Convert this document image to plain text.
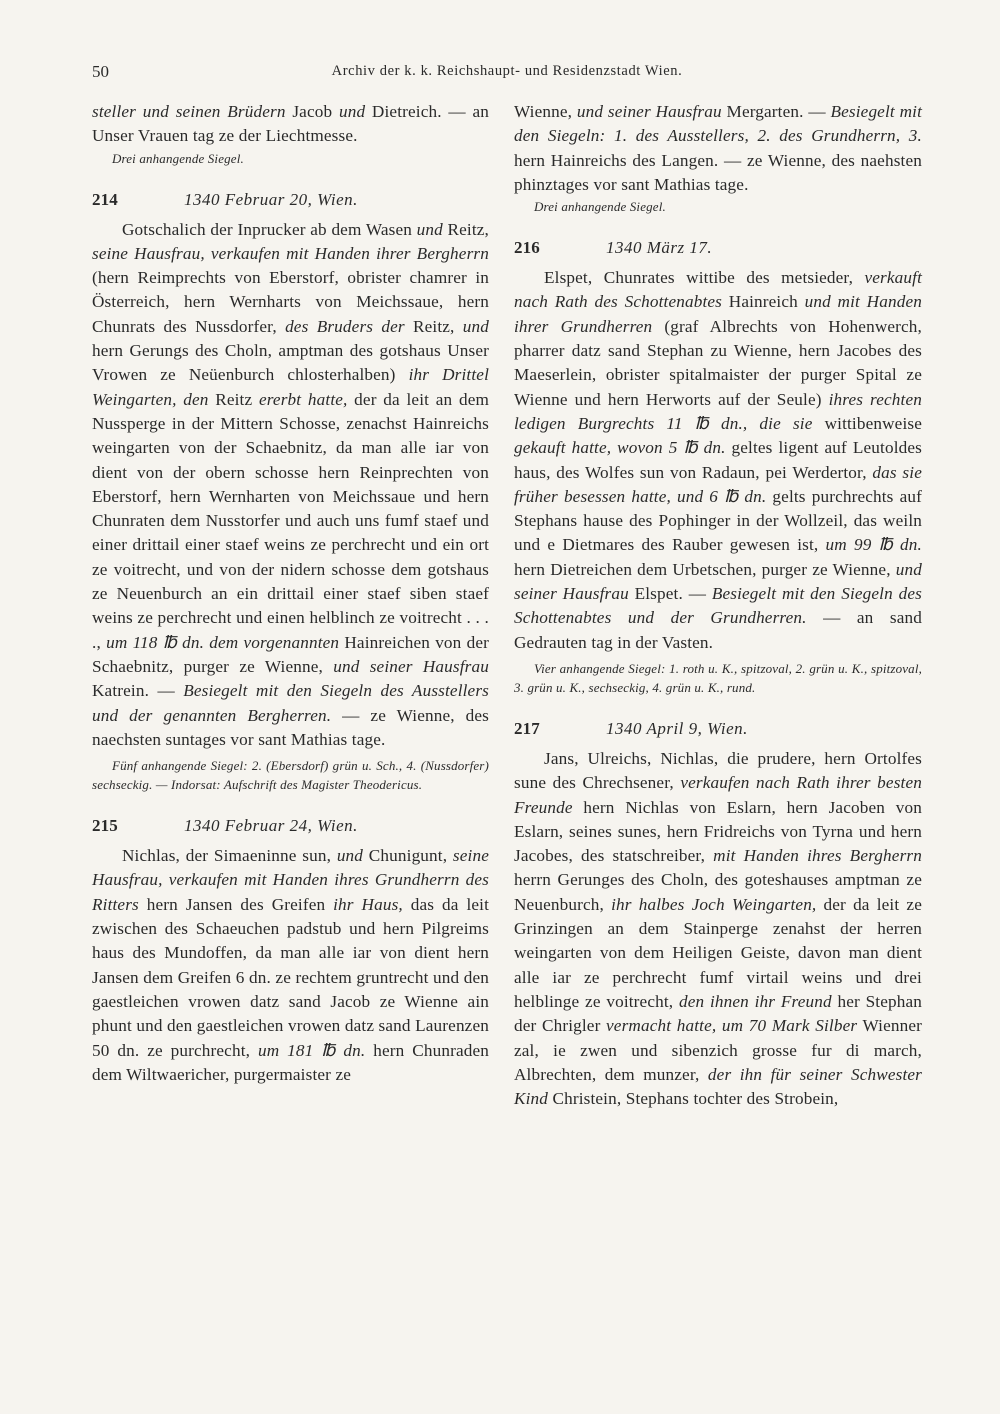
50	Archiv der k. k. Reichshaupt- und Residenzstadt Wien.

steller und seinen Brüdern Jacob und Dietreich. — an Unser Vrauen tag ze der Liechtmesse.

Drei anhangende Siegel.

214	1340 Februar 20, Wien.

Gotschalich der Inprucker ab dem Wasen und Reitz, seine Hausfrau, verkaufen mit Handen ihrer Bergherrn (hern Reimprechts von Eberstorf, obrister chamrer in Österreich, hern Wernharts von Meichssaue, hern Chunrats des Nussdorfer, des Bruders der Reitz, und hern Gerungs des Choln, amptman des gotshaus Unser Vrowen ze Neüenburch chlosterhalben) ihr Drittel Weingarten, den Reitz ererbt hatte, der da leit an dem Nussperge in der Mittern Schosse, zenachst Hainreichs weingarten von der Schaebnitz, da man alle iar von dient von der obern schosse hern Reinprechten von Eberstorf, hern Wernharten von Meichssaue und hern Chunraten dem Nusstorfer und auch uns fumf staef und einer drittail einer staef weins ze perchrecht und ein ort ze voitrecht, und von der nidern schosse dem gotshaus ze Neuenburch an ein drittail einer staef siben staef weins ze perchrecht und einen helblinch ze voitrecht . . . ., um 118 ℔ dn. dem vorgenannten Hainreichen von der Schaebnitz, purger ze Wienne, und seiner Hausfrau Katrein. — Besiegelt mit den Siegeln des Ausstellers und der genannten Bergherren. — ze Wienne, des naechsten suntages vor sant Mathias tage.

Fünf anhangende Siegel: 2. (Ebersdorf) grün u. Sch., 4. (Nussdorfer) sechseckig. — Indorsat: Aufschrift des Magister Theodericus.

215	1340 Februar 24, Wien.

Nichlas, der Simaeninne sun, und Chunigunt, seine Hausfrau, verkaufen mit Handen ihres Grundherrn des Ritters hern Jansen des Greifen ihr Haus, das da leit zwischen des Schaeuchen padstub und hern Pilgreims haus des Mundoffen, da man alle iar von dient hern Jansen dem Greifen 6 dn. ze rechtem gruntrecht und den gaestleichen vrowen datz sand Jacob ze Wienne ain phunt und den gaestleichen vrowen datz sand Laurenzen 50 dn. ze purchrecht, um 181 ℔ dn. hern Chunraden dem Wiltwaericher, purgermaister ze

Wienne, und seiner Hausfrau Mergarten. — Besiegelt mit den Siegeln: 1. des Ausstellers, 2. des Grundherrn, 3. hern Hainreichs des Langen. — ze Wienne, des naehsten phinztages vor sant Mathias tage.

Drei anhangende Siegel.

216	1340 März 17.

Elspet, Chunrates wittibe des metsieder, verkauft nach Rath des Schottenabtes Hainreich und mit Handen ihrer Grundherren (graf Albrechts von Hohenwerch, pharrer datz sand Stephan zu Wienne, hern Jacobes des Maeserlein, obrister spitalmaister der purger Spital ze Wienne und hern Herworts auf der Seule) ihres rechten ledigen Burgrechts 11 ℔ dn., die sie wittibenweise gekauft hatte, wovon 5 ℔ dn. geltes ligent auf Leutoldes haus, des Wolfes sun von Radaun, pei Werdertor, das sie früher besessen hatte, und 6 ℔ dn. gelts purchrechts auf Stephans hause des Pophinger in der Wollzeil, das weiln und e Dietmares des Rauber gewesen ist, um 99 ℔ dn. hern Dietreichen dem Urbetschen, purger ze Wienne, und seiner Hausfrau Elspet. — Besiegelt mit den Siegeln des Schottenabtes und der Grundherren. — an sand Gedrauten tag in der Vasten.

Vier anhangende Siegel: 1. roth u. K., spitzoval, 2. grün u. K., spitzoval, 3. grün u. K., sechseckig, 4. grün u. K., rund.

217	1340 April 9, Wien.

Jans, Ulreichs, Nichlas, die prudere, hern Ortolfes sune des Chrechsener, verkaufen nach Rath ihrer besten Freunde hern Nichlas von Eslarn, hern Jacoben von Eslarn, seines sunes, hern Fridreichs von Tyrna und hern Jacobes, des statschreiber, mit Handen ihres Bergherrn herrn Gerunges des Choln, des goteshauses amptman ze Neuenburch, ihr halbes Joch Weingarten, der da leit ze Grinzingen an dem Stainperge zenahst der herren weingarten von dem Heiligen Geiste, davon man dient alle iar ze perchrecht fumf virtail weins und drei helblinge ze voitrecht, den ihnen ihr Freund her Stephan der Chrigler vermacht hatte, um 70 Mark Silber Wienner zal, ie zwen und sibenzich grosse fur di march, Albrechten, dem munzer, der ihn für seiner Schwester Kind Christein, Stephans tochter des Strobein,
